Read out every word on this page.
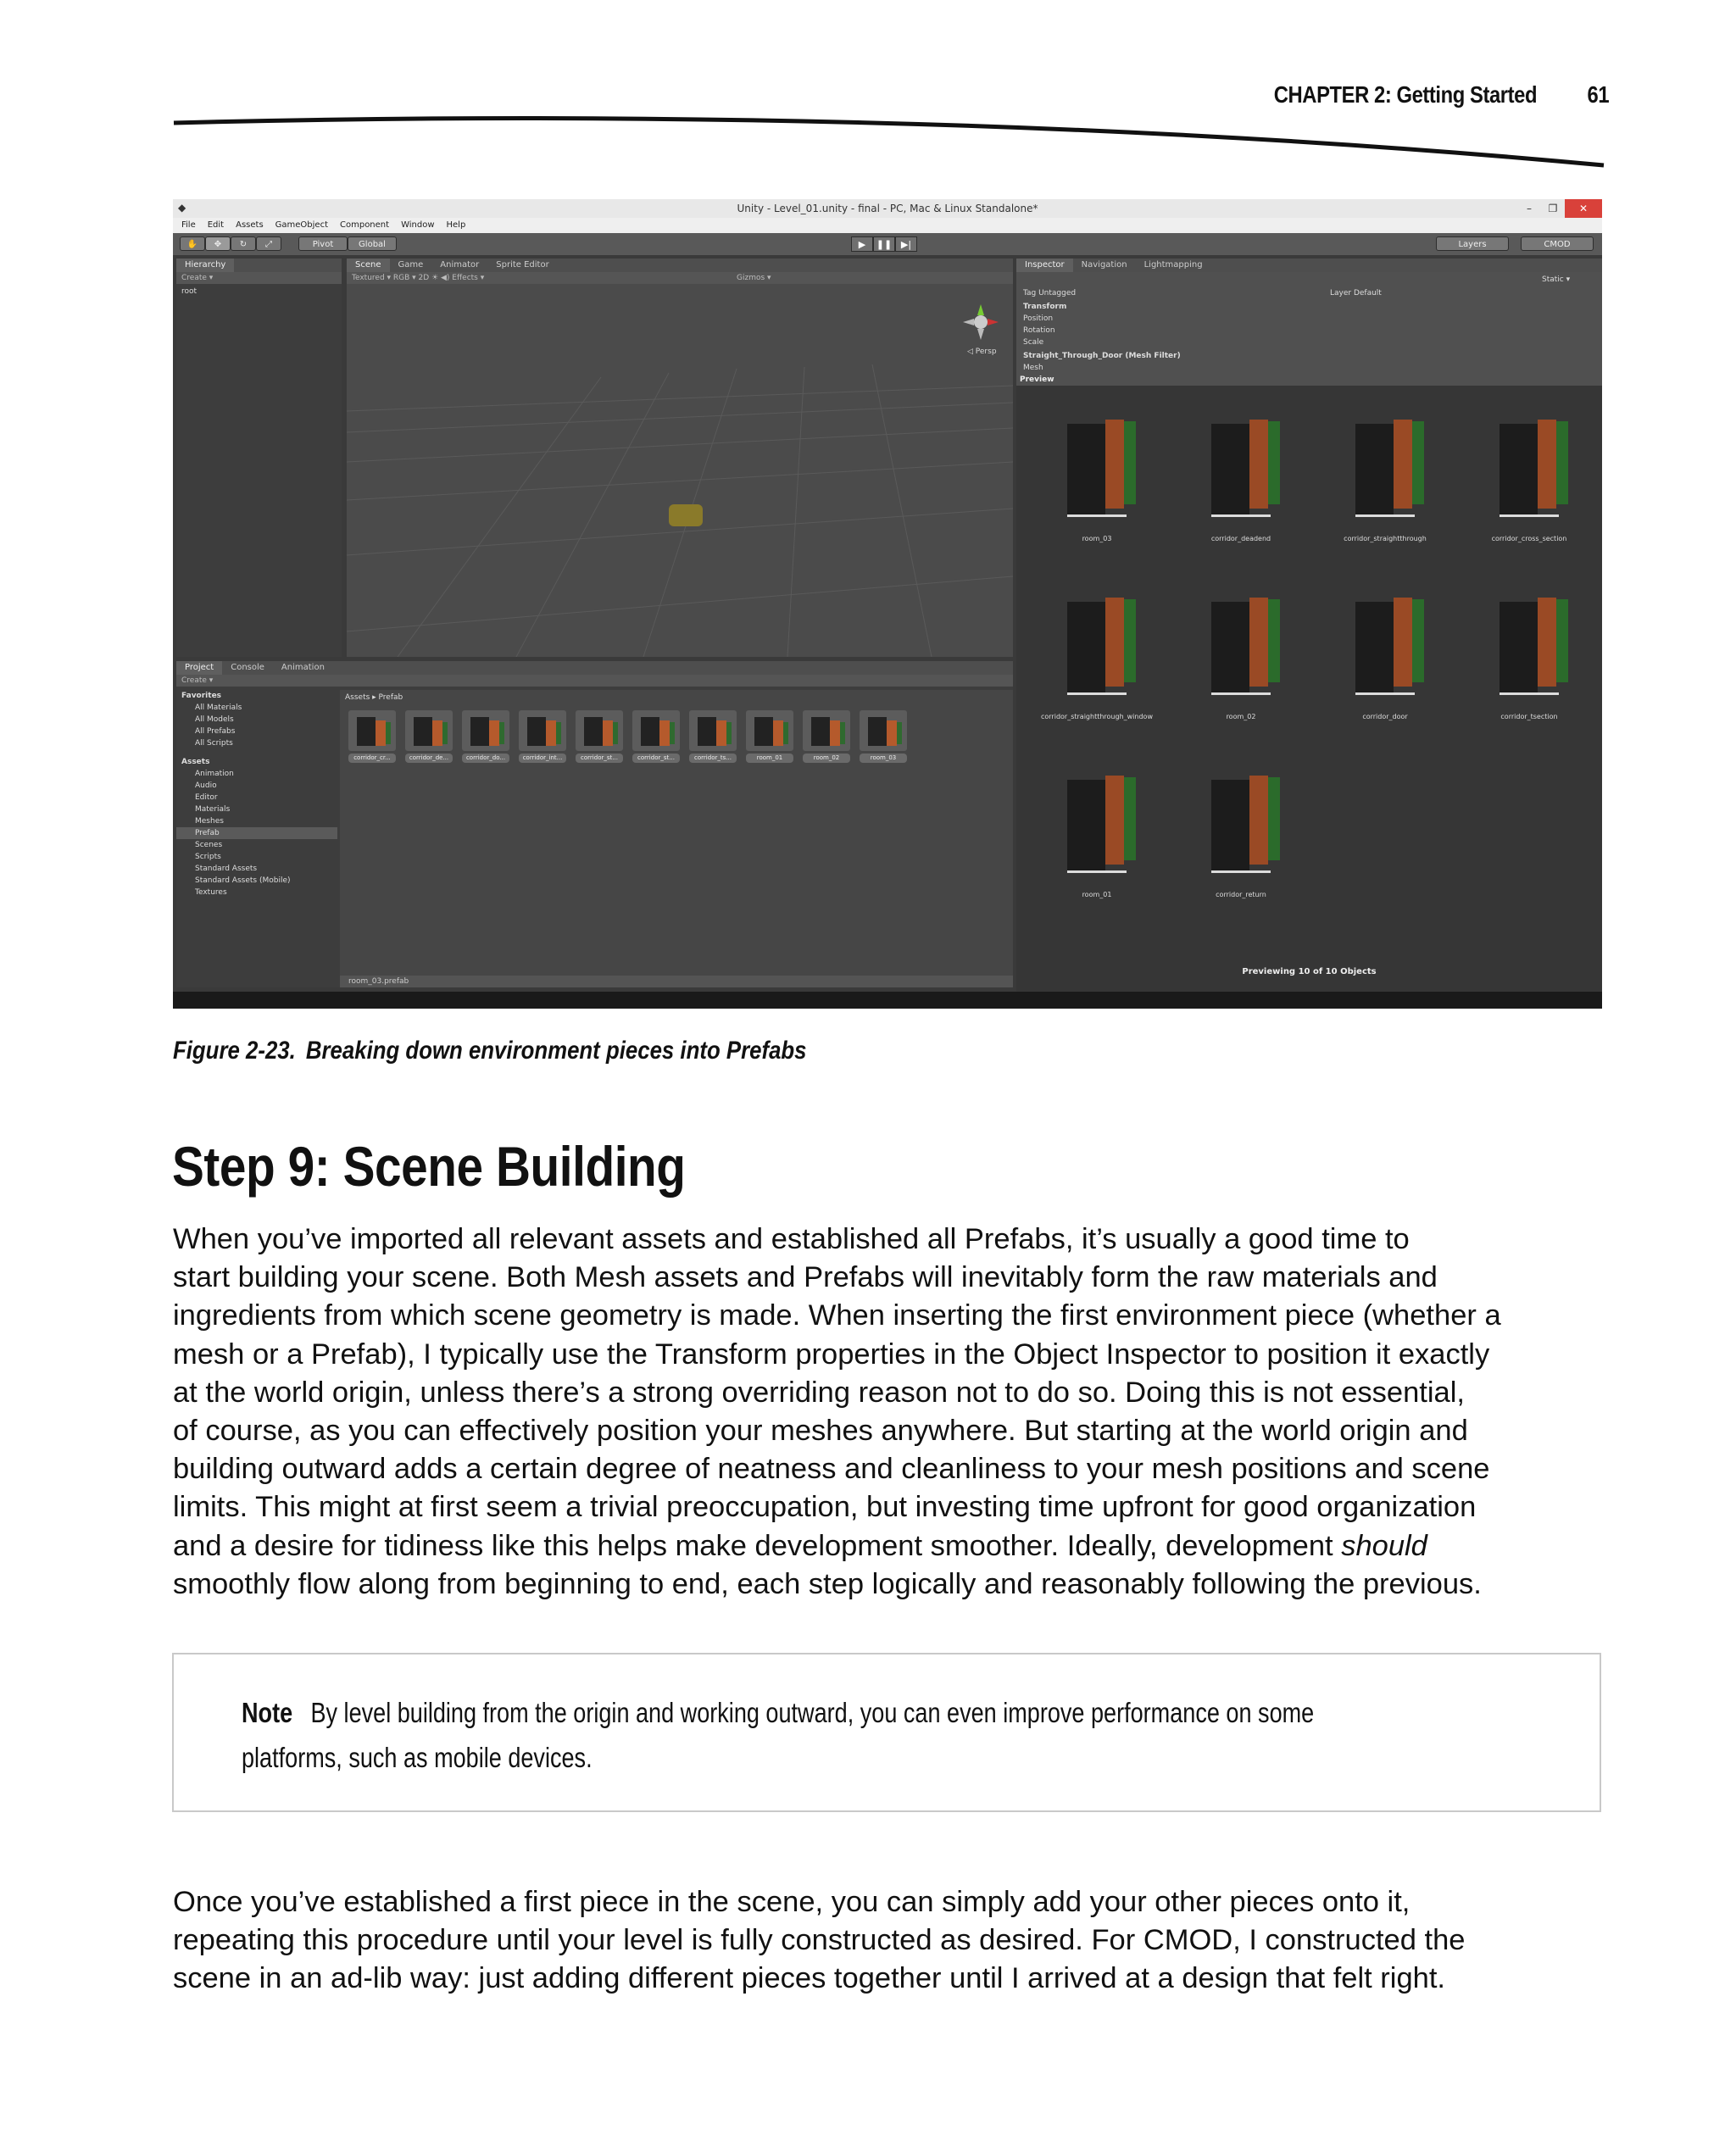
CHAPTER 2: Getting Started 61
◆	Unity - Level_01.unity - final - PC, Mac & Linux Standalone*	–	❐	✕
File Edit Assets GameObject Component Window Help
✋	✥	↻	⤢	Pivot	Global	▶	❚❚ ▶|	Layers	CMOD
Hierarchy
Create ▾
root
Scene	Game	Animator	Sprite Editor
Textured ▾ RGB ▾ 2D ☀ ◀) Effects ▾	Gizmos ▾
◁ Persp
Project	Console	Animation
Create ▾
Favorites
All Materials
All Models
All Prefabs
All Scripts
Assets
Animation
Audio
Editor
Materials
Meshes
Prefab
Scenes
Scripts
Standard Assets
Standard Assets (Mobile)
Textures
Assets ▸ Prefab
corridor_cr...	corridor_de...	corridor_do...	corridor_int...	corridor_st...	corridor_st...	corridor_ts...	room_01	room_02	room_03
room_03.prefab
Inspector	Navigation	Lightmapping
Static ▾
Tag Untagged	Layer Default
Transform
Position
Rotation
Scale
Straight_Through_Door (Mesh Filter)
Mesh
Preview
Previewing 10 of 10 Objects
room_03	corridor_deadend	corridor_straightthrough	corridor_cross_section
corridor_straightthrough_window	room_02	corridor_door	corridor_tsection
room_01	corridor_return
Figure 2-23. Breaking down environment pieces into Prefabs
Step 9: Scene Building
When you’ve imported all relevant assets and established all Prefabs, it’s usually a good time to
start building your scene. Both Mesh assets and Prefabs will inevitably form the raw materials and
ingredients from which scene geometry is made. When inserting the first environment piece (whether a
mesh or a Prefab), I typically use the Transform properties in the Object Inspector to position it exactly
at the world origin, unless there’s a strong overriding reason not to do so. Doing this is not essential,
of course, as you can effectively position your meshes anywhere. But starting at the world origin and
building outward adds a certain degree of neatness and cleanliness to your mesh positions and scene
limits. This might at first seem a trivial preoccupation, but investing time upfront for good organization
and a desire for tidiness like this helps make development smoother. Ideally, development should
smoothly flow along from beginning to end, each step logically and reasonably following the previous.
Note By level building from the origin and working outward, you can even improve performance on some
platforms, such as mobile devices.
Once you’ve established a first piece in the scene, you can simply add your other pieces onto it,
repeating this procedure until your level is fully constructed as desired. For CMOD, I constructed the
scene in an ad-lib way: just adding different pieces together until I arrived at a design that felt right.
